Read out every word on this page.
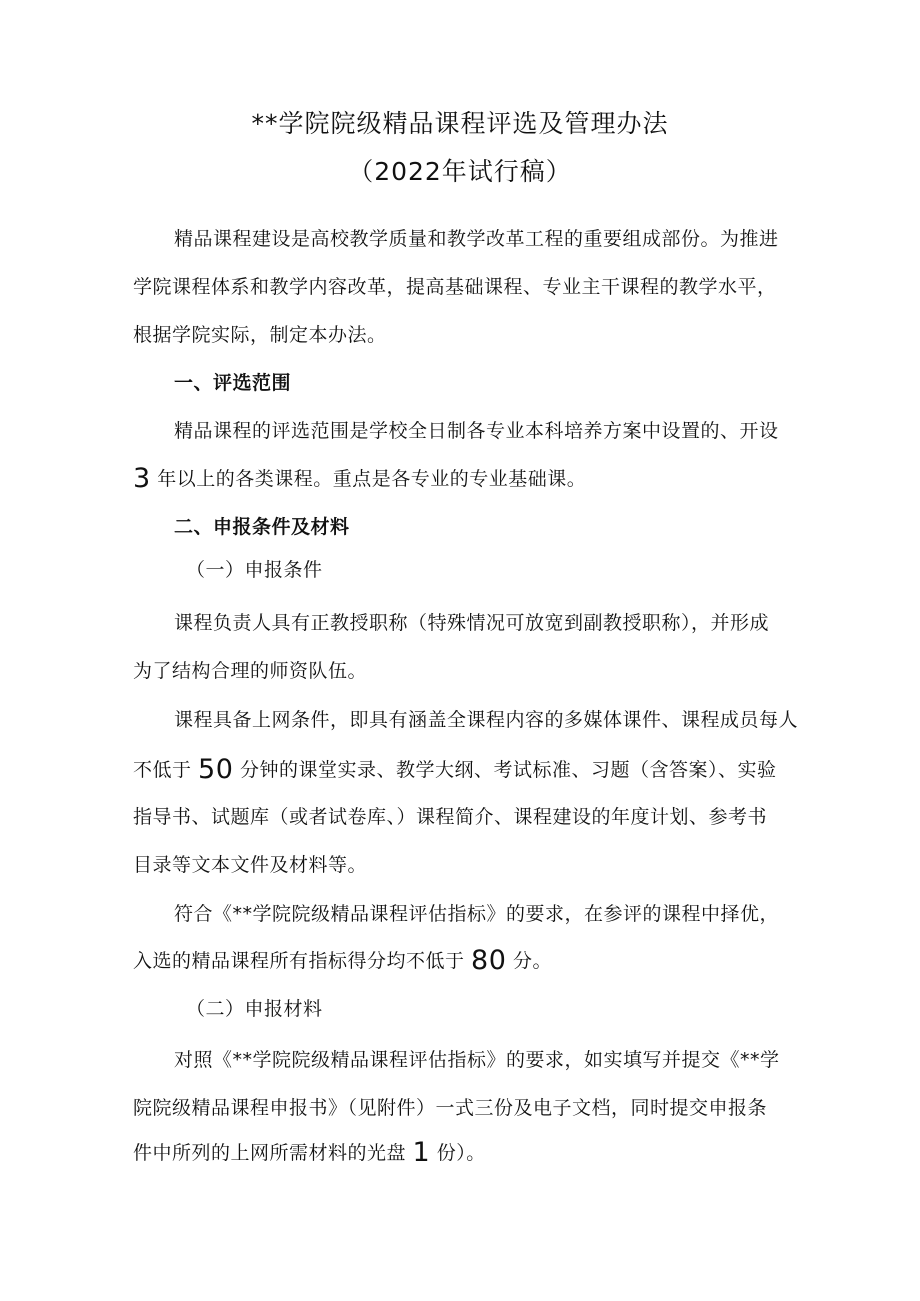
**学院院级精品课程评选及管理办法
（2022年试行稿）
精品课程建设是高校教学质量和教学改革工程的重要组成部份。为推进
学院课程体系和教学内容改革，提高基础课程、专业主干课程的教学水平，
根据学院实际，制定本办法。
一、评选范围
精品课程的评选范围是学校全日制各专业本科培养方案中设置的、开设
3 年以上的各类课程。重点是各专业的专业基础课。
二、申报条件及材料
（一）申报条件
课程负责人具有正教授职称（特殊情况可放宽到副教授职称），并形成
为了结构合理的师资队伍。
课程具备上网条件，即具有涵盖全课程内容的多媒体课件、课程成员每人
不低于 50 分钟的课堂实录、教学大纲、考试标准、习题（含答案）、实验
指导书、试题库（或者试卷库、）课程简介、课程建设的年度计划、参考书
目录等文本文件及材料等。
符合《**学院院级精品课程评估指标》的要求，在参评的课程中择优，
入选的精品课程所有指标得分均不低于 80 分。
（二）申报材料
对照《**学院院级精品课程评估指标》的要求，如实填写并提交《**学
院院级精品课程申报书》（见附件）一式三份及电子文档，同时提交申报条
件中所列的上网所需材料的光盘 1 份）。
